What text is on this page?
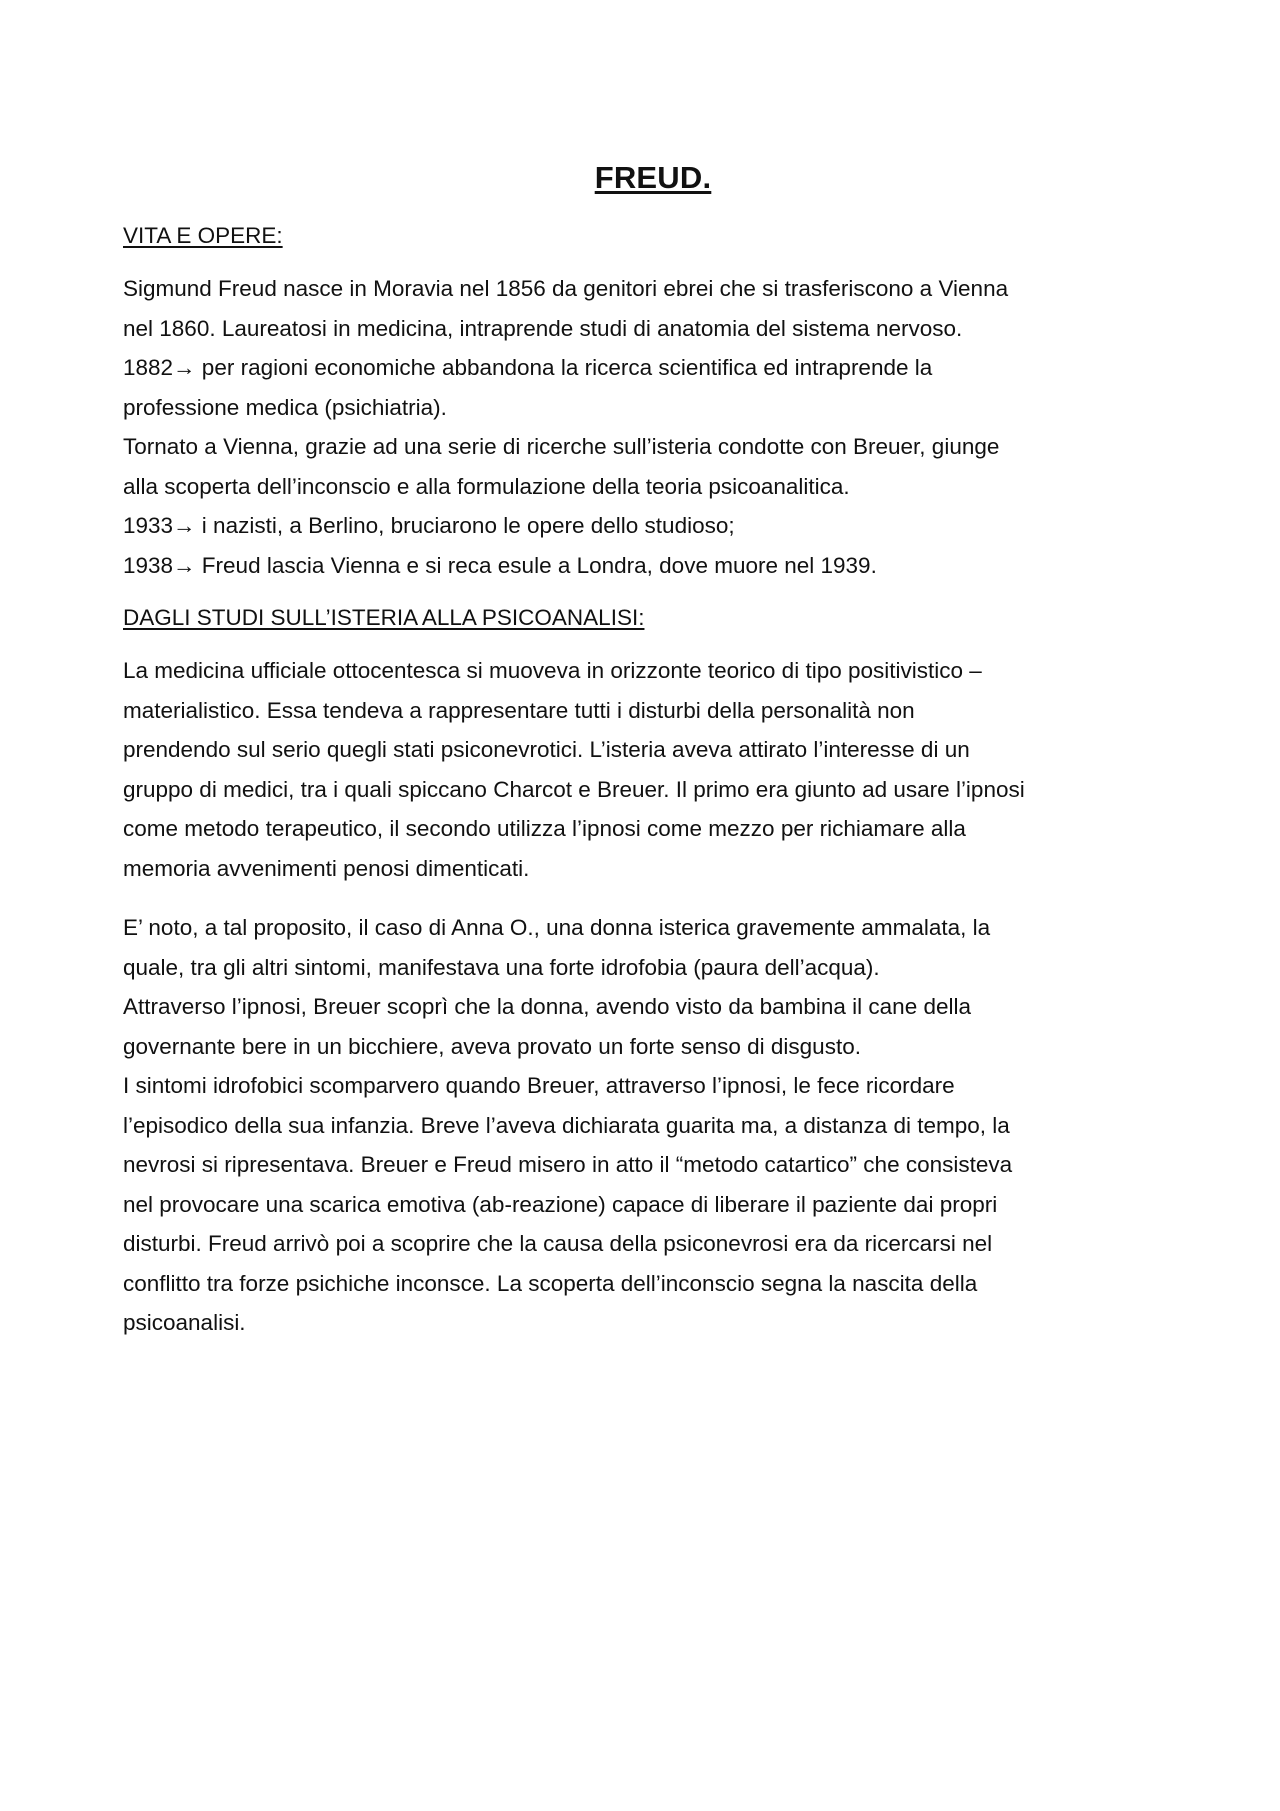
FREUD.
VITA E OPERE:
Sigmund Freud nasce in Moravia nel 1856 da genitori ebrei che si trasferiscono a Vienna
nel 1860. Laureatosi in medicina, intraprende studi di anatomia del sistema nervoso.
1882→ per ragioni economiche abbandona la ricerca scientifica ed intraprende la
professione medica (psichiatria).
Tornato a Vienna, grazie ad una serie di ricerche sull’isteria condotte con Breuer, giunge
alla scoperta dell’inconscio e alla formulazione della teoria psicoanalitica.
1933→ i nazisti, a Berlino, bruciarono le opere dello studioso;
1938→ Freud lascia Vienna e si reca esule a Londra, dove muore nel 1939.
DAGLI STUDI SULL’ISTERIA ALLA PSICOANALISI:
La medicina ufficiale ottocentesca si muoveva in orizzonte teorico di tipo positivistico –
materialistico. Essa tendeva a rappresentare tutti i disturbi della personalità non
prendendo sul serio quegli stati psiconevrotici. L’isteria aveva attirato l’interesse di un
gruppo di medici, tra i quali spiccano Charcot e Breuer. Il primo era giunto ad usare l’ipnosi
come metodo terapeutico, il secondo utilizza l’ipnosi come mezzo per richiamare alla
memoria avvenimenti penosi dimenticati.
E’ noto, a tal proposito, il caso di Anna O., una donna isterica gravemente ammalata, la
quale, tra gli altri sintomi, manifestava una forte idrofobia (paura dell’acqua).
Attraverso l’ipnosi, Breuer scoprì che la donna, avendo visto da bambina il cane della
governante bere in un bicchiere, aveva provato un forte senso di disgusto.
I sintomi idrofobici scomparvero quando Breuer, attraverso l’ipnosi, le fece ricordare
l’episodico della sua infanzia. Breve l’aveva dichiarata guarita ma, a distanza di tempo, la
nevrosi si ripresentava. Breuer e Freud misero in atto il “metodo catartico” che consisteva
nel provocare una scarica emotiva (ab-reazione) capace di liberare il paziente dai propri
disturbi. Freud arrivò poi a scoprire che la causa della psiconevrosi era da ricercarsi nel
conflitto tra forze psichiche inconsce. La scoperta dell’inconscio segna la nascita della
psicoanalisi.
